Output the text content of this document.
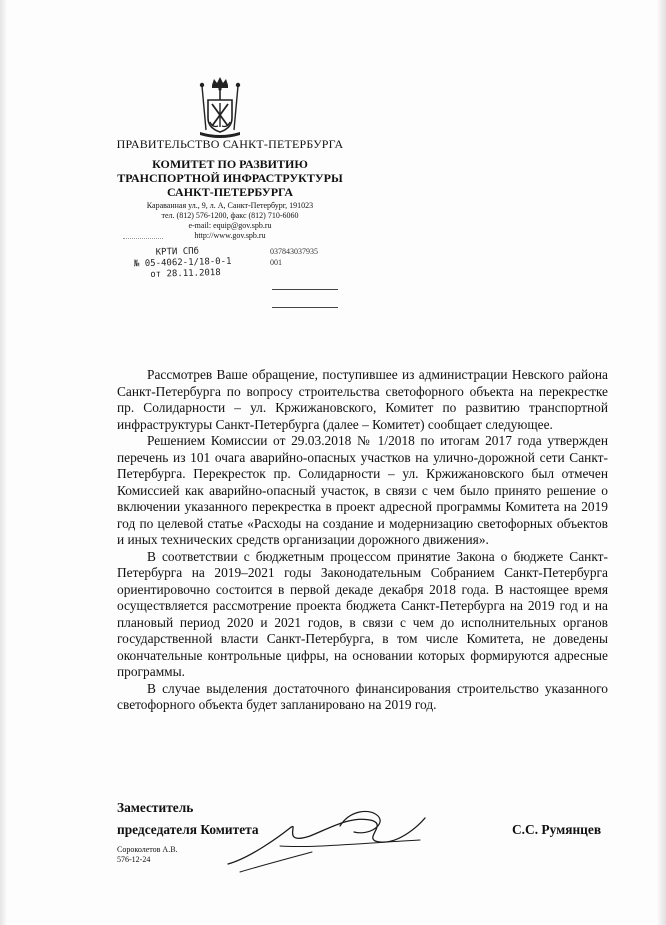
ПРАВИТЕЛЬСТВО САНКТ-ПЕТЕРБУРГА
КОМИТЕТ ПО РАЗВИТИЮ
ТРАНСПОРТНОЙ ИНФРАСТРУКТУРЫ
САНКТ-ПЕТЕРБУРГА
Караванная ул., 9, л. А, Санкт-Петербург, 191023
тел. (812) 576-1200, факс (812) 710-6060
e-mail: equip@gov.spb.ru
http://www.gov.spb.ru
КРТИ СПб
№ 05-4062-1/18-0-1
от 28.11.2018
037843037935
001

Рассмотрев Ваше обращение, поступившее из администрации Невского района Санкт-Петербурга по вопросу строительства светофорного объекта на перекрестке пр. Солидарности – ул. Кржижановского, Комитет по развитию транспортной инфраструктуры Санкт-Петербурга (далее – Комитет) сообщает следующее.

Решением Комиссии от 29.03.2018 № 1/2018 по итогам 2017 года утвержден перечень из 101 очага аварийно-опасных участков на улично-дорожной сети Санкт-Петербурга. Перекресток пр. Солидарности – ул. Кржижановского был отмечен Комиссией как аварийно-опасный участок, в связи с чем было принято решение о включении указанного перекрестка в проект адресной программы Комитета на 2019 год по целевой статье «Расходы на создание и модернизацию светофорных объектов и иных технических средств организации дорожного движения».

В соответствии с бюджетным процессом принятие Закона о бюджете Санкт-Петербурга на 2019–2021 годы Законодательным Собранием Санкт-Петербурга ориентировочно состоится в первой декаде декабря 2018 года. В настоящее время осуществляется рассмотрение проекта бюджета Санкт-Петербурга на 2019 год и на плановый период 2020 и 2021 годов, в связи с чем до исполнительных органов государственной власти Санкт-Петербурга, в том числе Комитета, не доведены окончательные контрольные цифры, на основании которых формируются адресные программы.

В случае выделения достаточного финансирования строительство указанного светофорного объекта будет запланировано на 2019 год.

Заместитель
председателя Комитета	С.С. Румянцев
Сороколетов А.В.
576-12-24
